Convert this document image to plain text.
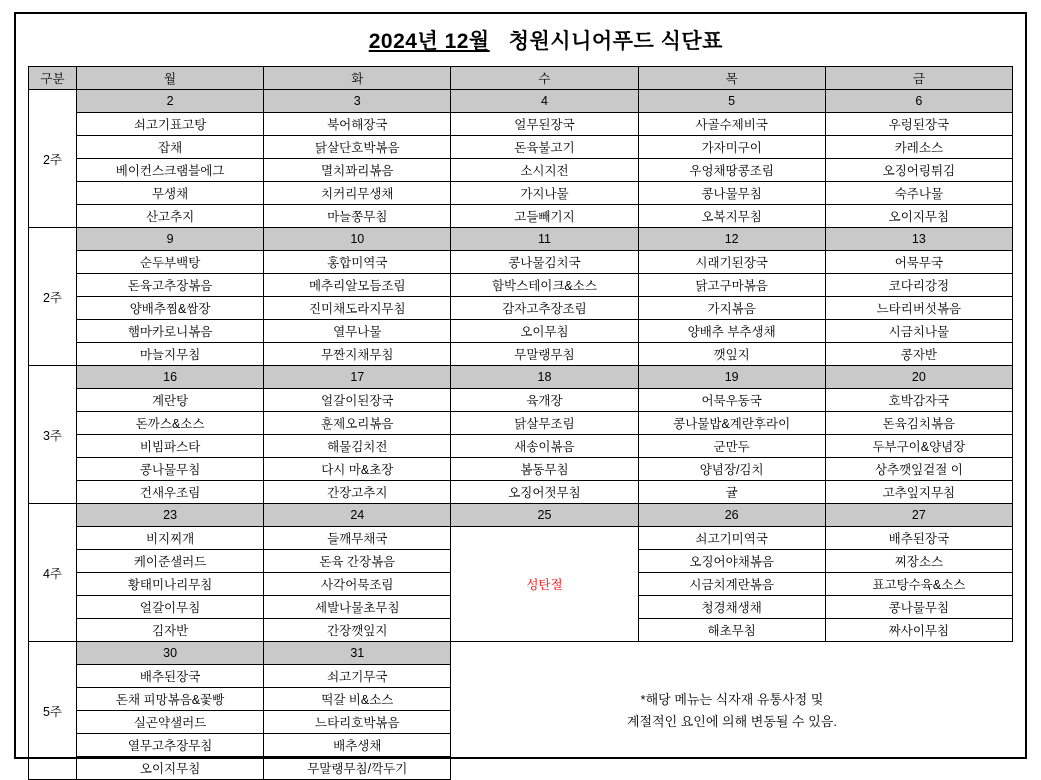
2024년 12월 청원시니어푸드 식단표

구분	월	화	수	목	금
2주	2	3	4	5	6
	쇠고기표고탕	북어해장국	얼무된장국	사골수제비국	우렁된장국
	잡채	닭살단호박볶음	돈육불고기	가자미구이	카레소스
	베이컨스크램블에그	멸치꽈리볶음	소시지전	우엉채땅콩조림	오징어링튀김
	무생채	치커리무생채	가지나물	콩나물무침	숙주나물
	산고추지	마늘쫑무침	고들빼기지	오복지무침	오이지무침
2주	9	10	11	12	13
	순두부백탕	홍합미역국	콩나물김치국	시래기된장국	어묵무국
	돈육고추장볶음	메추리알모듬조림	함박스테이크&소스	닭고구마볶음	코다리강정
	양배추찜&쌈장	진미채도라지무침	감자고추장조림	가지볶음	느타리버섯볶음
	햄마카로니볶음	열무나물	오이무침	양배추 부추생채	시금치나물
	마늘지무침	무짠지채무침	무말랭무침	깻잎지	콩자반
3주	16	17	18	19	20
	계란탕	얼갈이된장국	육개장	어묵우동국	호박감자국
	돈까스&소스	훈제오리볶음	닭살무조림	콩나물밥&계란후라이	돈육김치볶음
	비빔파스타	해물김치전	새송이볶음	군만두	두부구이&양념장
	콩나물무침	다시 마&초장	봄동무침	양념장/김치	상추깻잎겉절 이
	건새우조림	간장고추지	오징어젓무침	귤	고추잎지무침
4주	23	24	25	26	27
	비지찌개	들깨무채국	성탄절	쇠고기미역국	배추된장국
	케이준샐러드	돈육 간장볶음		오징어야채볶음	찌장소스
	황태미나리무침	사각어묵조림		시금치계란볶음	표고탕수육&소스
	얼갈이무침	세발나물초무침		청경채생채	콩나물무침
	김자반	간장깻잎지		해초무침	짜사이무침
5주	30	31	*해당 메뉴는 식자재 유통사정 및
계절적인 요인에 의해 변동될 수 있음.		

	배추된장국	쇠고기무국			
	돈채 피망볶음&꽃빵	떡갈 비&소스			
	실곤약샐러드	느타리호박볶음			
	열무고추장무침	배추생채			
	오이지무침	무말랭무침/깍두기			
